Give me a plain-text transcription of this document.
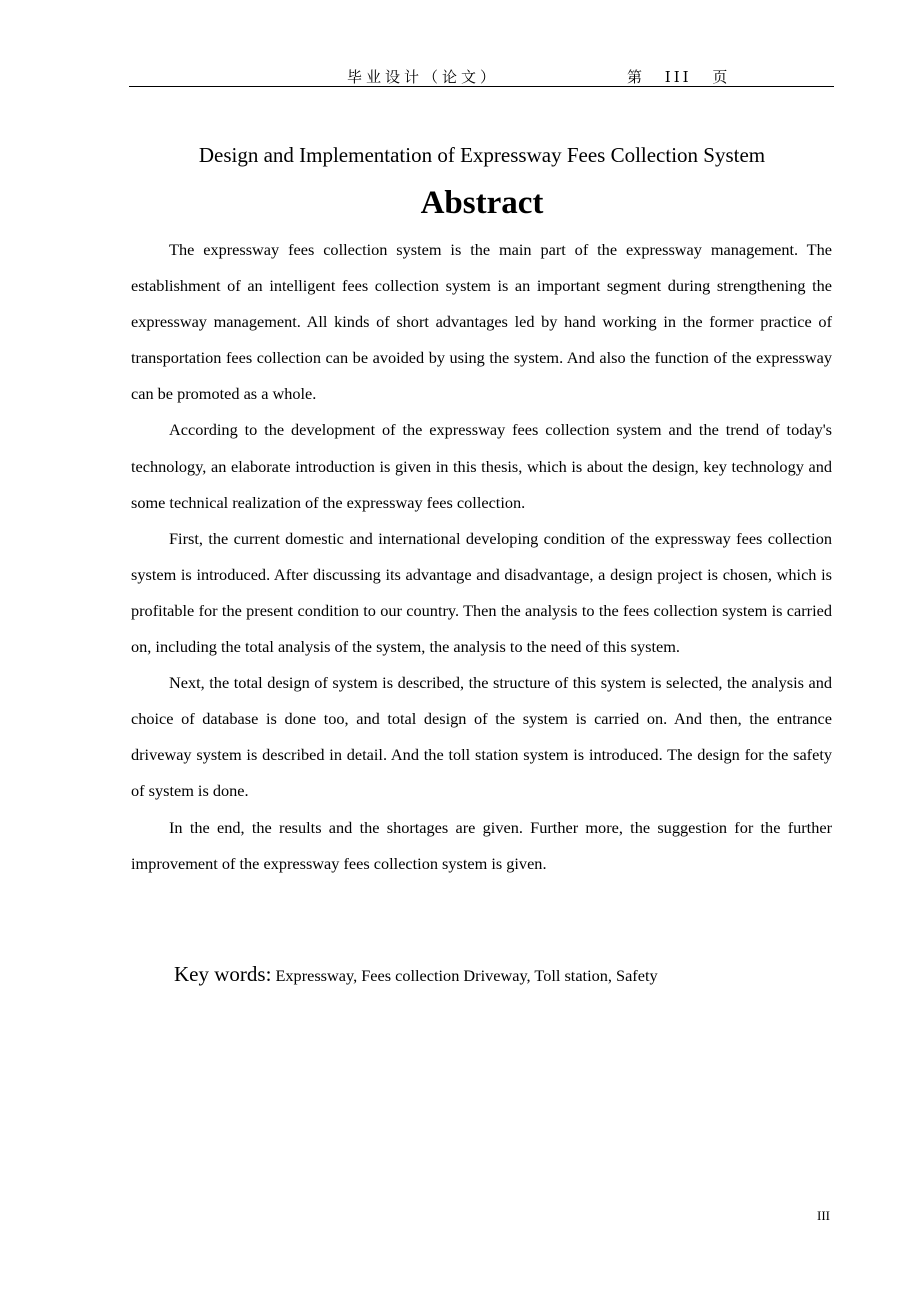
毕业设计（论文）	第 III 页
Design and Implementation of Expressway Fees Collection System
Abstract

The expressway fees collection system is the main part of the expressway management. The establishment of an intelligent fees collection system is an important segment during strengthening the expressway management. All kinds of short advantages led by hand working in the former practice of transportation fees collection can be avoided by using the system. And also the function of the expressway can be promoted as a whole.

According to the development of the expressway fees collection system and the trend of today's technology, an elaborate introduction is given in this thesis, which is about the design, key technology and some technical realization of the expressway fees collection.

First, the current domestic and international developing condition of the expressway fees collection system is introduced. After discussing its advantage and disadvantage, a design project is chosen, which is profitable for the present condition to our country. Then the analysis to the fees collection system is carried on, including the total analysis of the system, the analysis to the need of this system.

Next, the total design of system is described, the structure of this system is selected, the analysis and choice of database is done too, and total design of the system is carried on. And then, the entrance driveway system is described in detail. And the toll station system is introduced. The design for the safety of system is done.

In the end, the results and the shortages are given. Further more, the suggestion for the further improvement of the expressway fees collection system is given.

Key words: Expressway, Fees collection Driveway, Toll station, Safety
III
